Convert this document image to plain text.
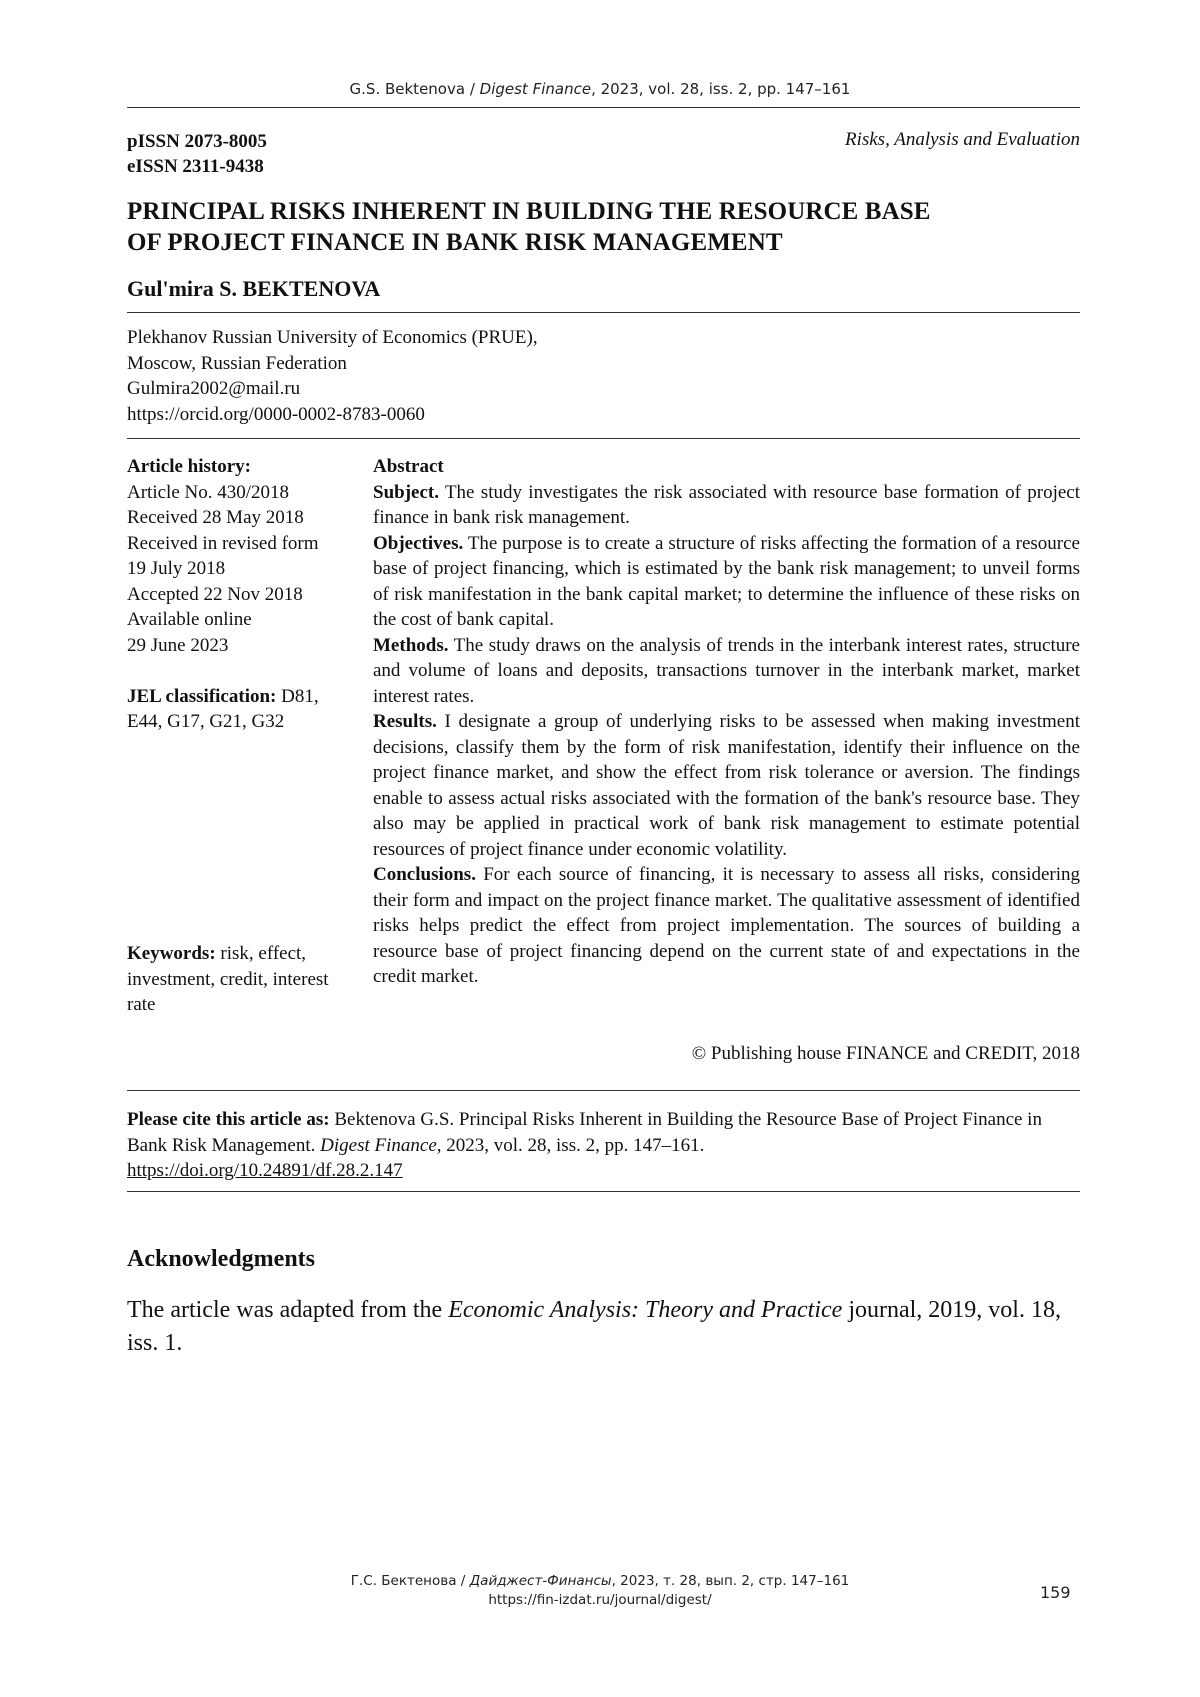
G.S. Bektenova / Digest Finance, 2023, vol. 28, iss. 2, pp. 147–161
pISSN 2073-8005
eISSN 2311-9438
Risks, Analysis and Evaluation
PRINCIPAL RISKS INHERENT IN BUILDING THE RESOURCE BASE
OF PROJECT FINANCE IN BANK RISK MANAGEMENT
Gul'mira S. BEKTENOVA
Plekhanov Russian University of Economics (PRUE),
Moscow, Russian Federation
Gulmira2002@mail.ru
https://orcid.org/0000-0002-8783-0060
Article history:
Article No. 430/2018
Received 28 May 2018
Received in revised form
19 July 2018
Accepted 22 Nov 2018
Available online
29 June 2023
JEL classification: D81, E44, G17, G21, G32
Keywords: risk, effect, investment, credit, interest rate
Abstract

Subject. The study investigates the risk associated with resource base formation of project finance in bank risk management.

Objectives. The purpose is to create a structure of risks affecting the formation of a resource base of project financing, which is estimated by the bank risk management; to unveil forms of risk manifestation in the bank capital market; to determine the influence of these risks on the cost of bank capital.

Methods. The study draws on the analysis of trends in the interbank interest rates, structure and volume of loans and deposits, transactions turnover in the interbank market, market interest rates.

Results. I designate a group of underlying risks to be assessed when making investment decisions, classify them by the form of risk manifestation, identify their influence on the project finance market, and show the effect from risk tolerance or aversion. The findings enable to assess actual risks associated with the formation of the bank's resource base. They also may be applied in practical work of bank risk management to estimate potential resources of project finance under economic volatility.

Conclusions. For each source of financing, it is necessary to assess all risks, considering their form and impact on the project finance market. The qualitative assessment of identified risks helps predict the effect from project implementation. The sources of building a resource base of project financing depend on the current state of and expectations in the credit market.

© Publishing house FINANCE and CREDIT, 2018
Please cite this article as: Bektenova G.S. Principal Risks Inherent in Building the Resource Base of Project Finance in Bank Risk Management. Digest Finance, 2023, vol. 28, iss. 2, pp. 147–161.
https://doi.org/10.24891/df.28.2.147
Acknowledgments
The article was adapted from the Economic Analysis: Theory and Practice journal, 2019, vol. 18, iss. 1.
Г.С. Бектенова / Дайджест-Финансы, 2023, т. 28, вып. 2, стр. 147–161
https://fin-izdat.ru/journal/digest/	159
